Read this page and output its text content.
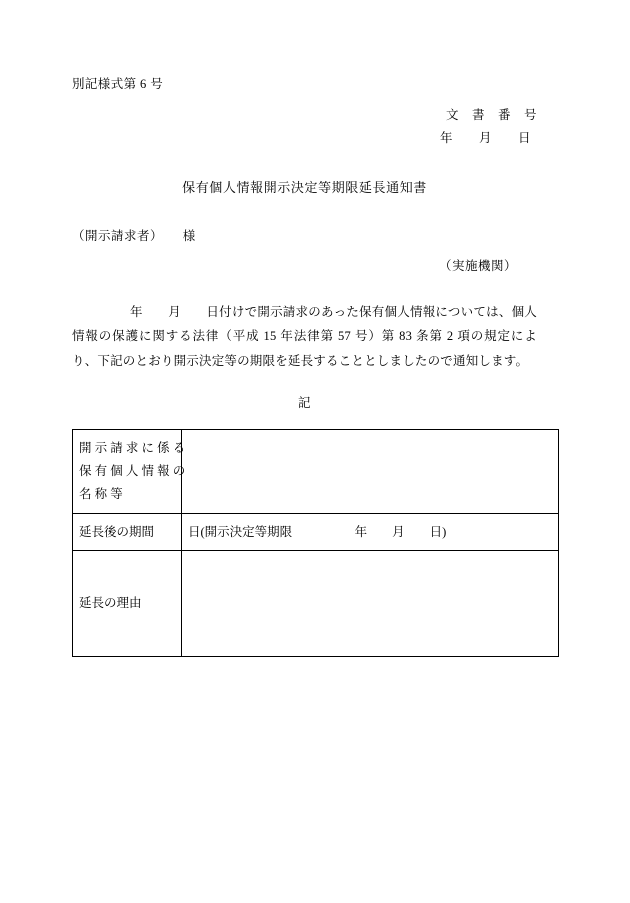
別記様式第 6 号
文　書　番　号
年　　月　　日
保有個人情報開示決定等期限延長通知書
（開示請求者）　　様
（実施機関）
年　　月　　日付けで開示請求のあった保有個人情報については、個人情報の保護に関する法律（平成 15 年法律第 57 号）第 83 条第 2 項の規定により、下記のとおり開示決定等の期限を延長することとしましたので通知します。
記
開 示 請 求 に 係 る
保 有 個 人 情 報 の
名 称 等	

延長後の期間	日(開示決定等期限　　　　　年　　月　　日)

延長の理由	
